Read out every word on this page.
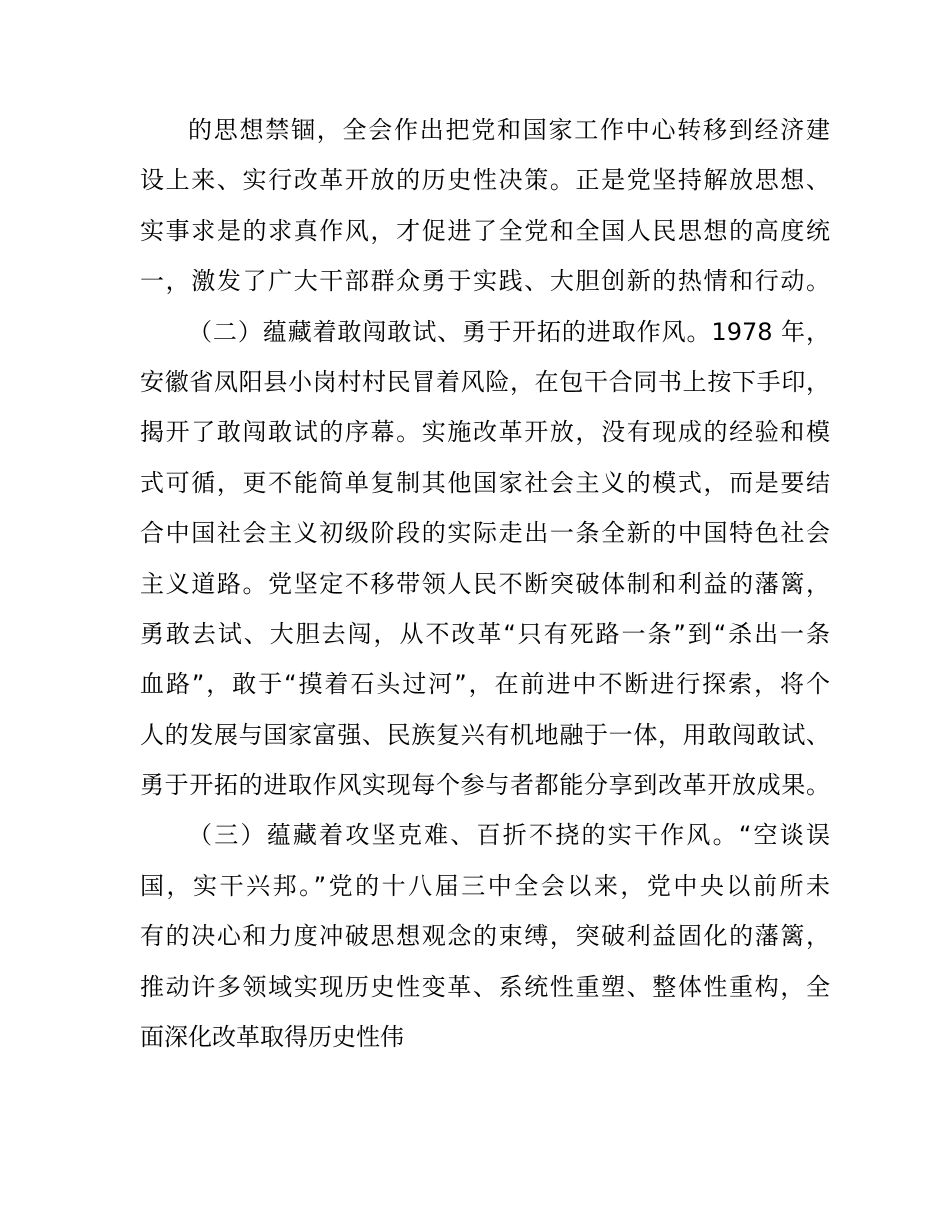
的思想禁锢，全会作出把党和国家工作中心转移到经济建
设上来、实行改革开放的历史性决策。正是党坚持解放思想、
实事求是的求真作风，才促进了全党和全国人民思想的高度统
一，激发了广大干部群众勇于实践、大胆创新的热情和行动。
（二）蕴藏着敢闯敢试、勇于开拓的进取作风。1978 年，
安徽省凤阳县小岗村村民冒着风险，在包干合同书上按下手印，
揭开了敢闯敢试的序幕。实施改革开放，没有现成的经验和模
式可循，更不能简单复制其他国家社会主义的模式，而是要结
合中国社会主义初级阶段的实际走出一条全新的中国特色社会
主义道路。党坚定不移带领人民不断突破体制和利益的藩篱，
勇敢去试、大胆去闯，从不改革“只有死路一条”到“杀出一条
血路”，敢于“摸着石头过河”，在前进中不断进行探索，将个
人的发展与国家富强、民族复兴有机地融于一体，用敢闯敢试、
勇于开拓的进取作风实现每个参与者都能分享到改革开放成果。
（三）蕴藏着攻坚克难、百折不挠的实干作风。“空谈误
国，实干兴邦。”党的十八届三中全会以来，党中央以前所未
有的决心和力度冲破思想观念的束缚，突破利益固化的藩篱，
推动许多领域实现历史性变革、系统性重塑、整体性重构，全
面深化改革取得历史性伟
